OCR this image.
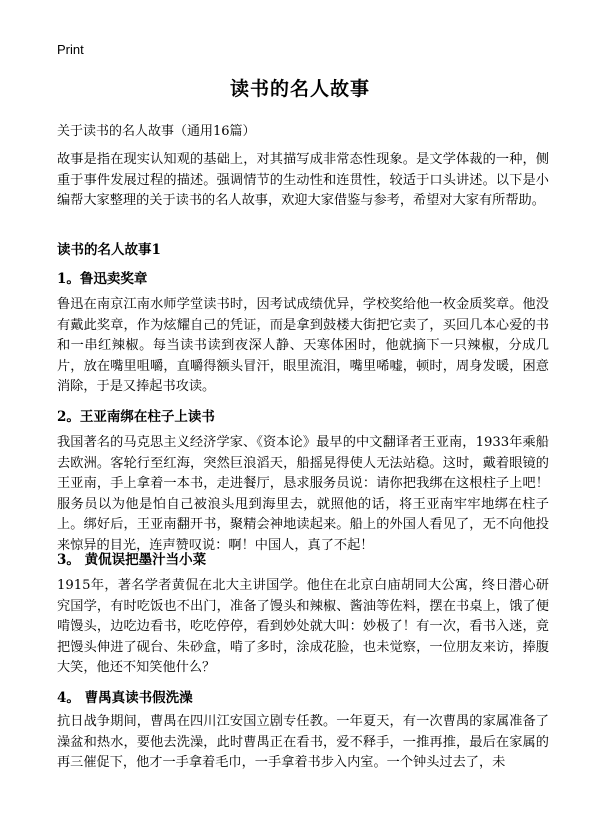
Print
读书的名人故事
关于读书的名人故事（通用16篇）
故事是指在现实认知观的基础上，对其描写成非常态性现象。是文学体裁的一种，侧重于事件发展过程的描述。强调情节的生动性和连贯性，较适于口头讲述。以下是小编帮大家整理的关于读书的名人故事，欢迎大家借鉴与参考，希望对大家有所帮助。
读书的名人故事1
1。鲁迅卖奖章
鲁迅在南京江南水师学堂读书时，因考试成绩优异，学校奖给他一枚金质奖章。他没有戴此奖章，作为炫耀自己的凭证，而是拿到鼓楼大街把它卖了，买回几本心爱的书和一串红辣椒。每当读书读到夜深人静、天寒体困时，他就摘下一只辣椒，分成几片，放在嘴里咀嚼，直嚼得额头冒汗，眼里流泪，嘴里唏嘘，顿时，周身发暖，困意消除，于是又捧起书攻读。
2。王亚南绑在柱子上读书
我国著名的马克思主义经济学家、《资本论》最早的中文翻译者王亚南，1933年乘船去欧洲。客轮行至红海，突然巨浪滔天，船摇晃得使人无法站稳。这时，戴着眼镜的王亚南，手上拿着一本书，走进餐厅，恳求服务员说：请你把我绑在这根柱子上吧！服务员以为他是怕自己被浪头甩到海里去，就照他的话，将王亚南牢牢地绑在柱子上。绑好后，王亚南翻开书，聚精会神地读起来。船上的外国人看见了，无不向他投来惊异的目光，连声赞叹说：啊！中国人，真了不起！
3。 黄侃误把墨汁当小菜
1915年，著名学者黄侃在北大主讲国学。他住在北京白庙胡同大公寓，终日潜心研究国学，有时吃饭也不出门，准备了馒头和辣椒、酱油等佐料，摆在书桌上，饿了便啃馒头，边吃边看书，吃吃停停，看到妙处就大叫：妙极了！有一次，看书入迷，竟把馒头伸进了砚台、朱砂盒，啃了多时，涂成花脸，也未觉察，一位朋友来访，捧腹大笑，他还不知笑他什么？
4。 曹禺真读书假洗澡
抗日战争期间，曹禺在四川江安国立剧专任教。一年夏天，有一次曹禺的家属准备了澡盆和热水，要他去洗澡，此时曹禺正在看书，爱不释手，一推再推，最后在家属的再三催促下，他才一手拿着毛巾，一手拿着书步入内室。一个钟头过去了，未
